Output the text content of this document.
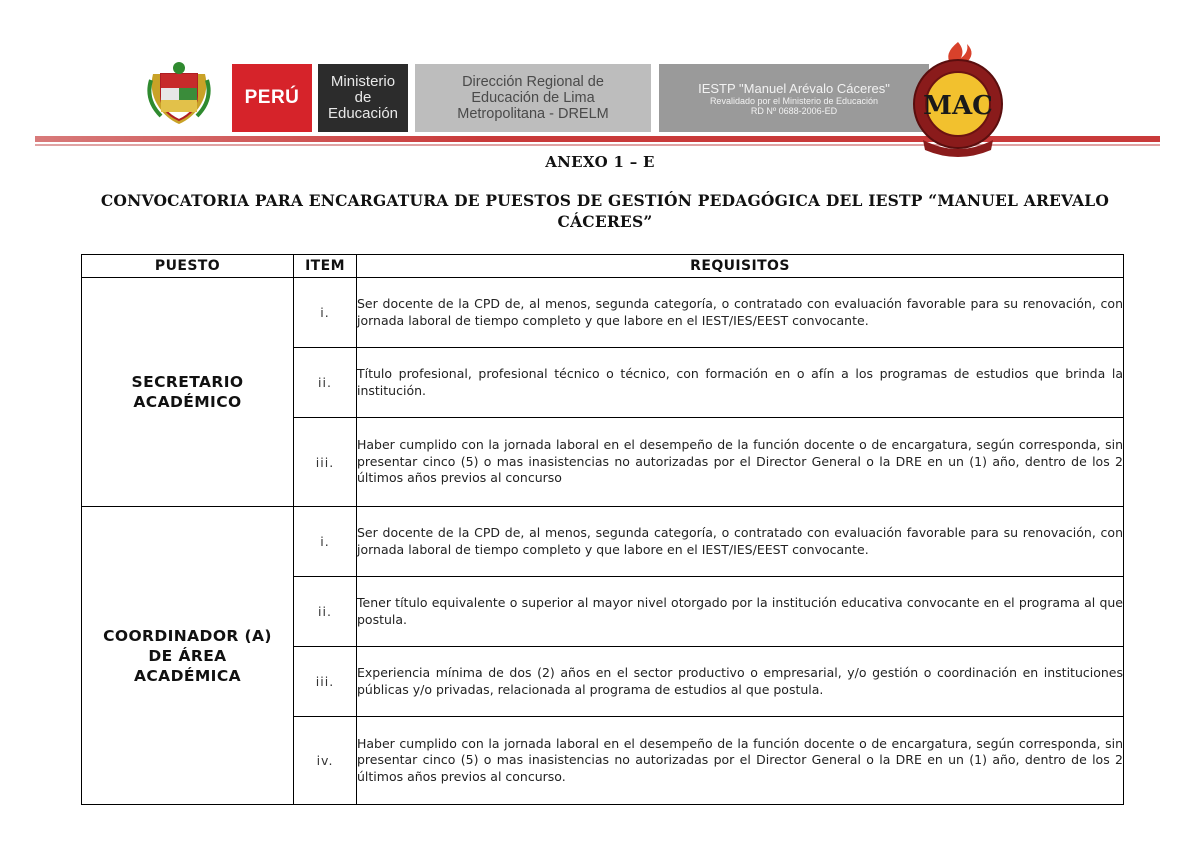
PERÚ
Ministerio
de
Educación
Dirección Regional de
Educación de Lima
Metropolitana - DRELM
IESTP "Manuel Arévalo Cáceres"
Revalidado por el Ministerio de Educación
RD Nº 0688-2006-ED	MAC
ANEXO 1 – E
CONVOCATORIA PARA ENCARGATURA DE PUESTOS DE GESTIÓN PEDAGÓGICA DEL IESTP “MANUEL AREVALO CÁCERES”
PUESTO	ITEM	REQUISITOS

SECRETARIO ACADÉMICO	i.	Ser docente de la CPD de, al menos, segunda categoría, o contratado con evaluación favorable para su renovación, con jornada laboral de tiempo completo y que labore en el IEST/IES/EEST convocante.
	ii.	Título profesional, profesional técnico o técnico, con formación en o afín a los programas de estudios que brinda la institución.
	iii.	Haber cumplido con la jornada laboral en el desempeño de la función docente o de encargatura, según corresponda, sin presentar cinco (5) o mas inasistencias no autorizadas por el Director General o la DRE en un (1) año, dentro de los 2 últimos años previos al concurso

COORDINADOR (A) DE ÁREA ACADÉMICA	i.	Ser docente de la CPD de, al menos, segunda categoría, o contratado con evaluación favorable para su renovación, con jornada laboral de tiempo completo y que labore en el IEST/IES/EEST convocante.
	ii.	Tener título equivalente o superior al mayor nivel otorgado por la institución educativa convocante en el programa al que postula.
	iii.	Experiencia mínima de dos (2) años en el sector productivo o empresarial, y/o gestión o coordinación en instituciones públicas y/o privadas, relacionada al programa de estudios al que postula.
	iv.	Haber cumplido con la jornada laboral en el desempeño de la función docente o de encargatura, según corresponda, sin presentar cinco (5) o mas inasistencias no autorizadas por el Director General o la DRE en un (1) año, dentro de los 2 últimos años previos al concurso.
